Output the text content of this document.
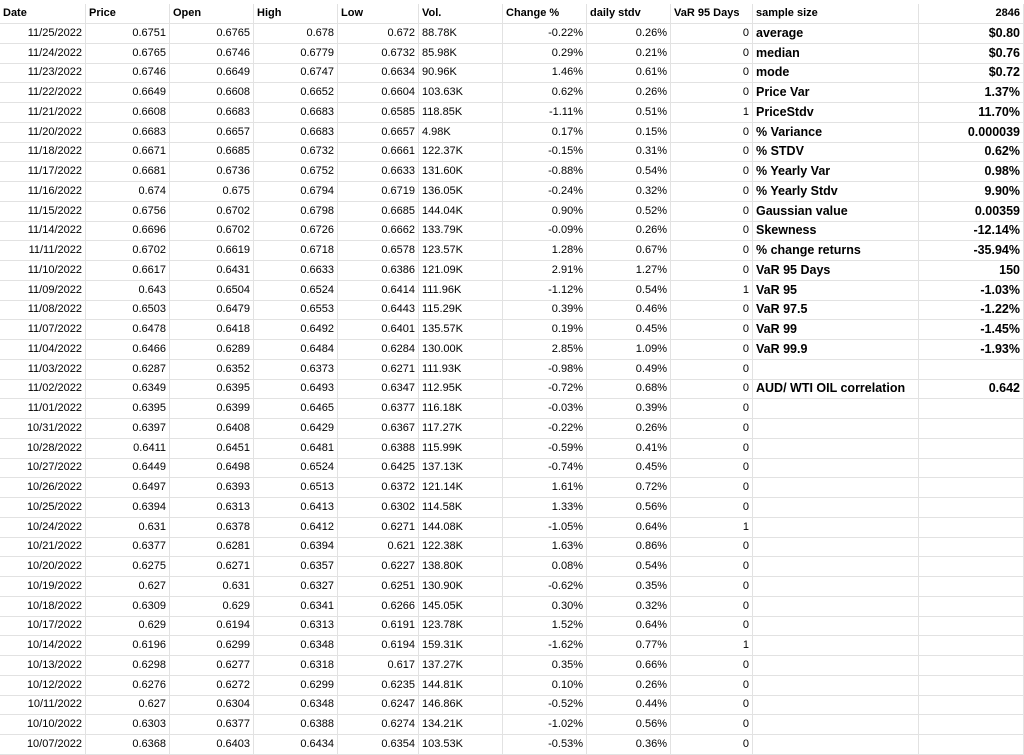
Date	Price	Open	High	Low	Vol.	Change %	daily stdv	VaR 95 Days	sample size	2846
11/25/2022	0.6751	0.6765	0.678	0.672 88.78K	-0.22%	0.26%	0 average	$0.80
11/24/2022	0.6765	0.6746	0.6779	0.6732 85.98K	0.29%	0.21%	0 median	$0.76
11/23/2022	0.6746	0.6649	0.6747	0.6634 90.96K	1.46%	0.61%	0 mode	$0.72
11/22/2022	0.6649	0.6608	0.6652	0.6604 103.63K	0.62%	0.26%	0 Price Var	1.37%
11/21/2022	0.6608	0.6683	0.6683	0.6585 118.85K	-1.11%	0.51%	1 PriceStdv	11.70%
11/20/2022	0.6683	0.6657	0.6683	0.6657 4.98K	0.17%	0.15%	0 % Variance	0.000039
11/18/2022	0.6671	0.6685	0.6732	0.6661 122.37K	-0.15%	0.31%	0 % STDV	0.62%
11/17/2022	0.6681	0.6736	0.6752	0.6633 131.60K	-0.88%	0.54%	0 % Yearly Var	0.98%
11/16/2022	0.674	0.675	0.6794	0.6719 136.05K	-0.24%	0.32%	0 % Yearly Stdv	9.90%
11/15/2022	0.6756	0.6702	0.6798	0.6685 144.04K	0.90%	0.52%	0 Gaussian value	0.00359
11/14/2022	0.6696	0.6702	0.6726	0.6662 133.79K	-0.09%	0.26%	0 Skewness	-12.14%
11/11/2022	0.6702	0.6619	0.6718	0.6578 123.57K	1.28%	0.67%	0 % change returns	-35.94%
11/10/2022	0.6617	0.6431	0.6633	0.6386 121.09K	2.91%	1.27%	0 VaR 95 Days	150
11/09/2022	0.643	0.6504	0.6524	0.6414 111.96K	-1.12%	0.54%	1 VaR 95	-1.03%
11/08/2022	0.6503	0.6479	0.6553	0.6443 115.29K	0.39%	0.46%	0 VaR 97.5	-1.22%
11/07/2022	0.6478	0.6418	0.6492	0.6401 135.57K	0.19%	0.45%	0 VaR 99	-1.45%
11/04/2022	0.6466	0.6289	0.6484	0.6284 130.00K	2.85%	1.09%	0 VaR 99.9	-1.93%
11/03/2022	0.6287	0.6352	0.6373	0.6271 111.93K	-0.98%	0.49%	0
11/02/2022	0.6349	0.6395	0.6493	0.6347 112.95K	-0.72%	0.68%	0 AUD/ WTI OIL correlation	0.642
11/01/2022	0.6395	0.6399	0.6465	0.6377 116.18K	-0.03%	0.39%	0
10/31/2022	0.6397	0.6408	0.6429	0.6367 117.27K	-0.22%	0.26%	0
10/28/2022	0.6411	0.6451	0.6481	0.6388 115.99K	-0.59%	0.41%	0
10/27/2022	0.6449	0.6498	0.6524	0.6425 137.13K	-0.74%	0.45%	0
10/26/2022	0.6497	0.6393	0.6513	0.6372 121.14K	1.61%	0.72%	0
10/25/2022	0.6394	0.6313	0.6413	0.6302 114.58K	1.33%	0.56%	0
10/24/2022	0.631	0.6378	0.6412	0.6271 144.08K	-1.05%	0.64%	1
10/21/2022	0.6377	0.6281	0.6394	0.621 122.38K	1.63%	0.86%	0
10/20/2022	0.6275	0.6271	0.6357	0.6227 138.80K	0.08%	0.54%	0
10/19/2022	0.627	0.631	0.6327	0.6251 130.90K	-0.62%	0.35%	0
10/18/2022	0.6309	0.629	0.6341	0.6266 145.05K	0.30%	0.32%	0
10/17/2022	0.629	0.6194	0.6313	0.6191 123.78K	1.52%	0.64%	0
10/14/2022	0.6196	0.6299	0.6348	0.6194 159.31K	-1.62%	0.77%	1
10/13/2022	0.6298	0.6277	0.6318	0.617 137.27K	0.35%	0.66%	0
10/12/2022	0.6276	0.6272	0.6299	0.6235 144.81K	0.10%	0.26%	0
10/11/2022	0.627	0.6304	0.6348	0.6247 146.86K	-0.52%	0.44%	0
10/10/2022	0.6303	0.6377	0.6388	0.6274 134.21K	-1.02%	0.56%	0
10/07/2022	0.6368	0.6403	0.6434	0.6354 103.53K	-0.53%	0.36%	0
